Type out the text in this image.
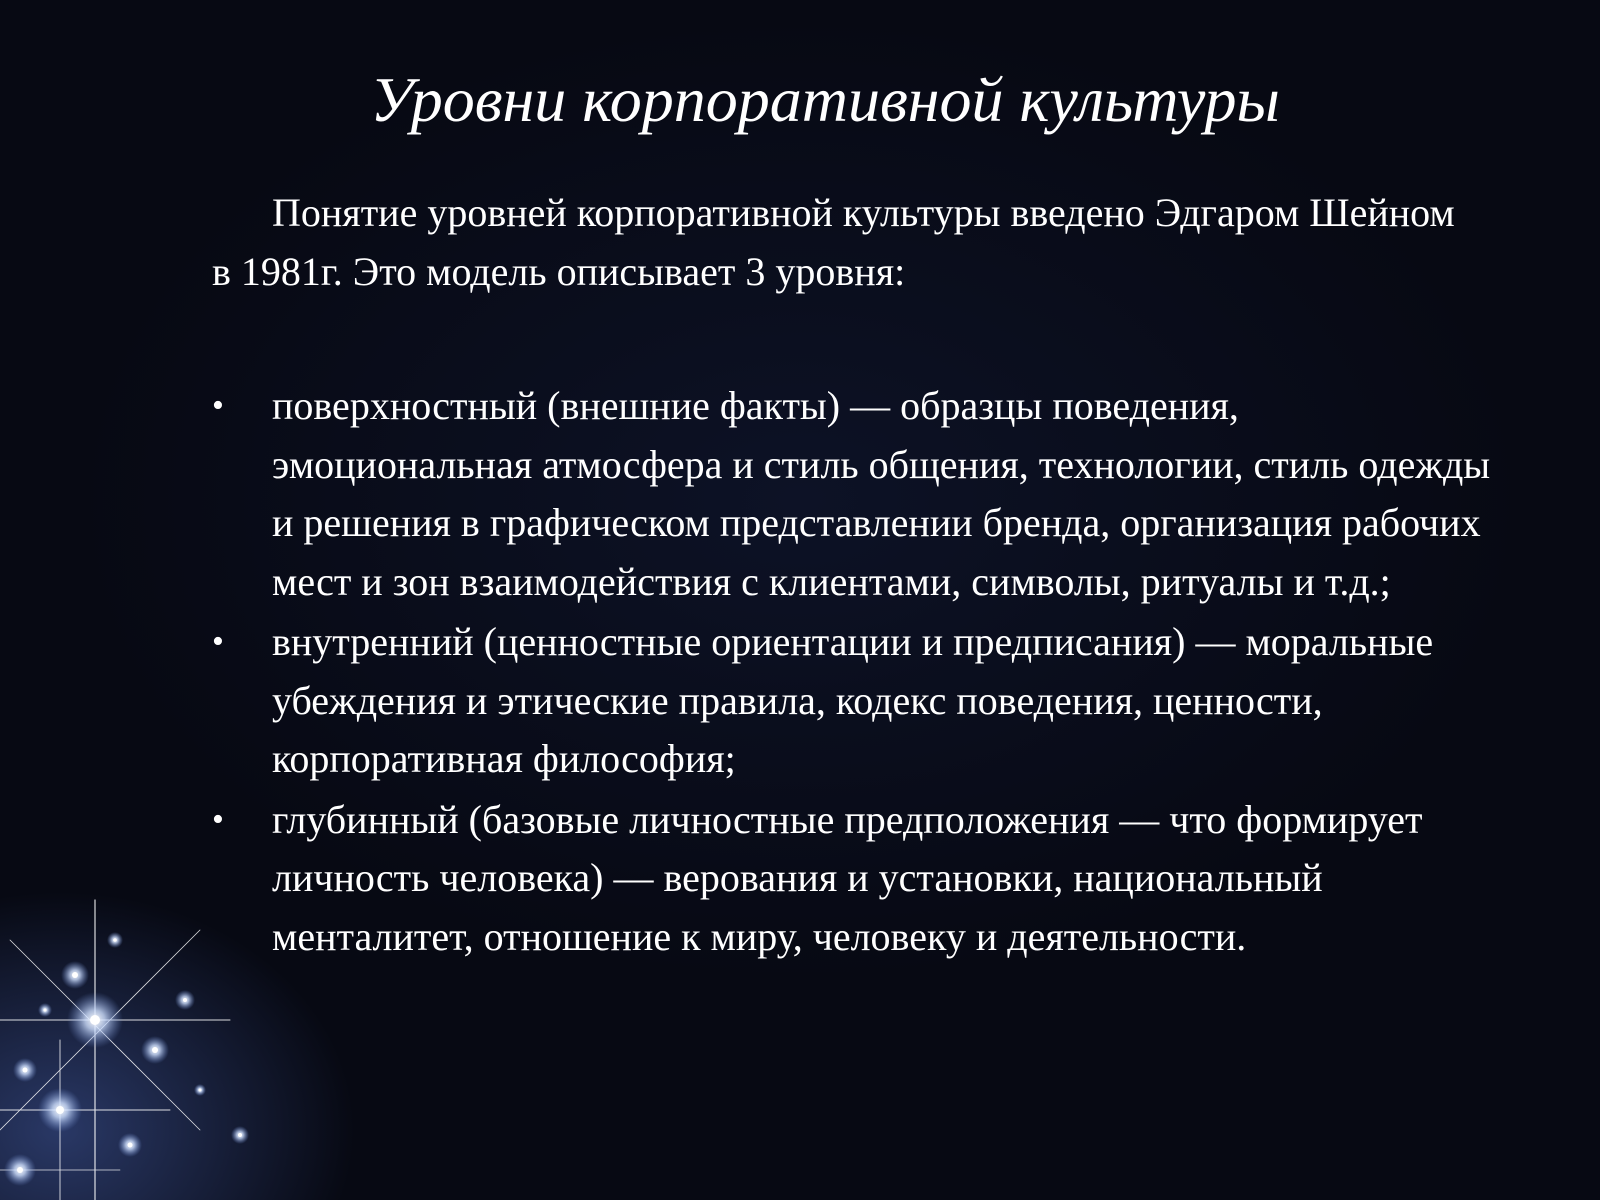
Уровни корпоративной культуры

Понятие уровней корпоративной культуры введено Эдгаром Шейном в 1981г. Это модель описывает 3 уровня:

• поверхностный (внешние факты) — образцы поведения, эмоциональная атмосфера и стиль общения, технологии, стиль одежды и решения в графическом представлении бренда, организация рабочих мест и зон взаимодействия с клиентами, символы, ритуалы и т.д.;
• внутренний (ценностные ориентации и предписания) — моральные убеждения и этические правила, кодекс поведения, ценности, корпоративная философия;
• глубинный (базовые личностные предположения — что формирует личность человека) — верования и установки, национальный менталитет, отношение к миру, человеку и деятельности.
